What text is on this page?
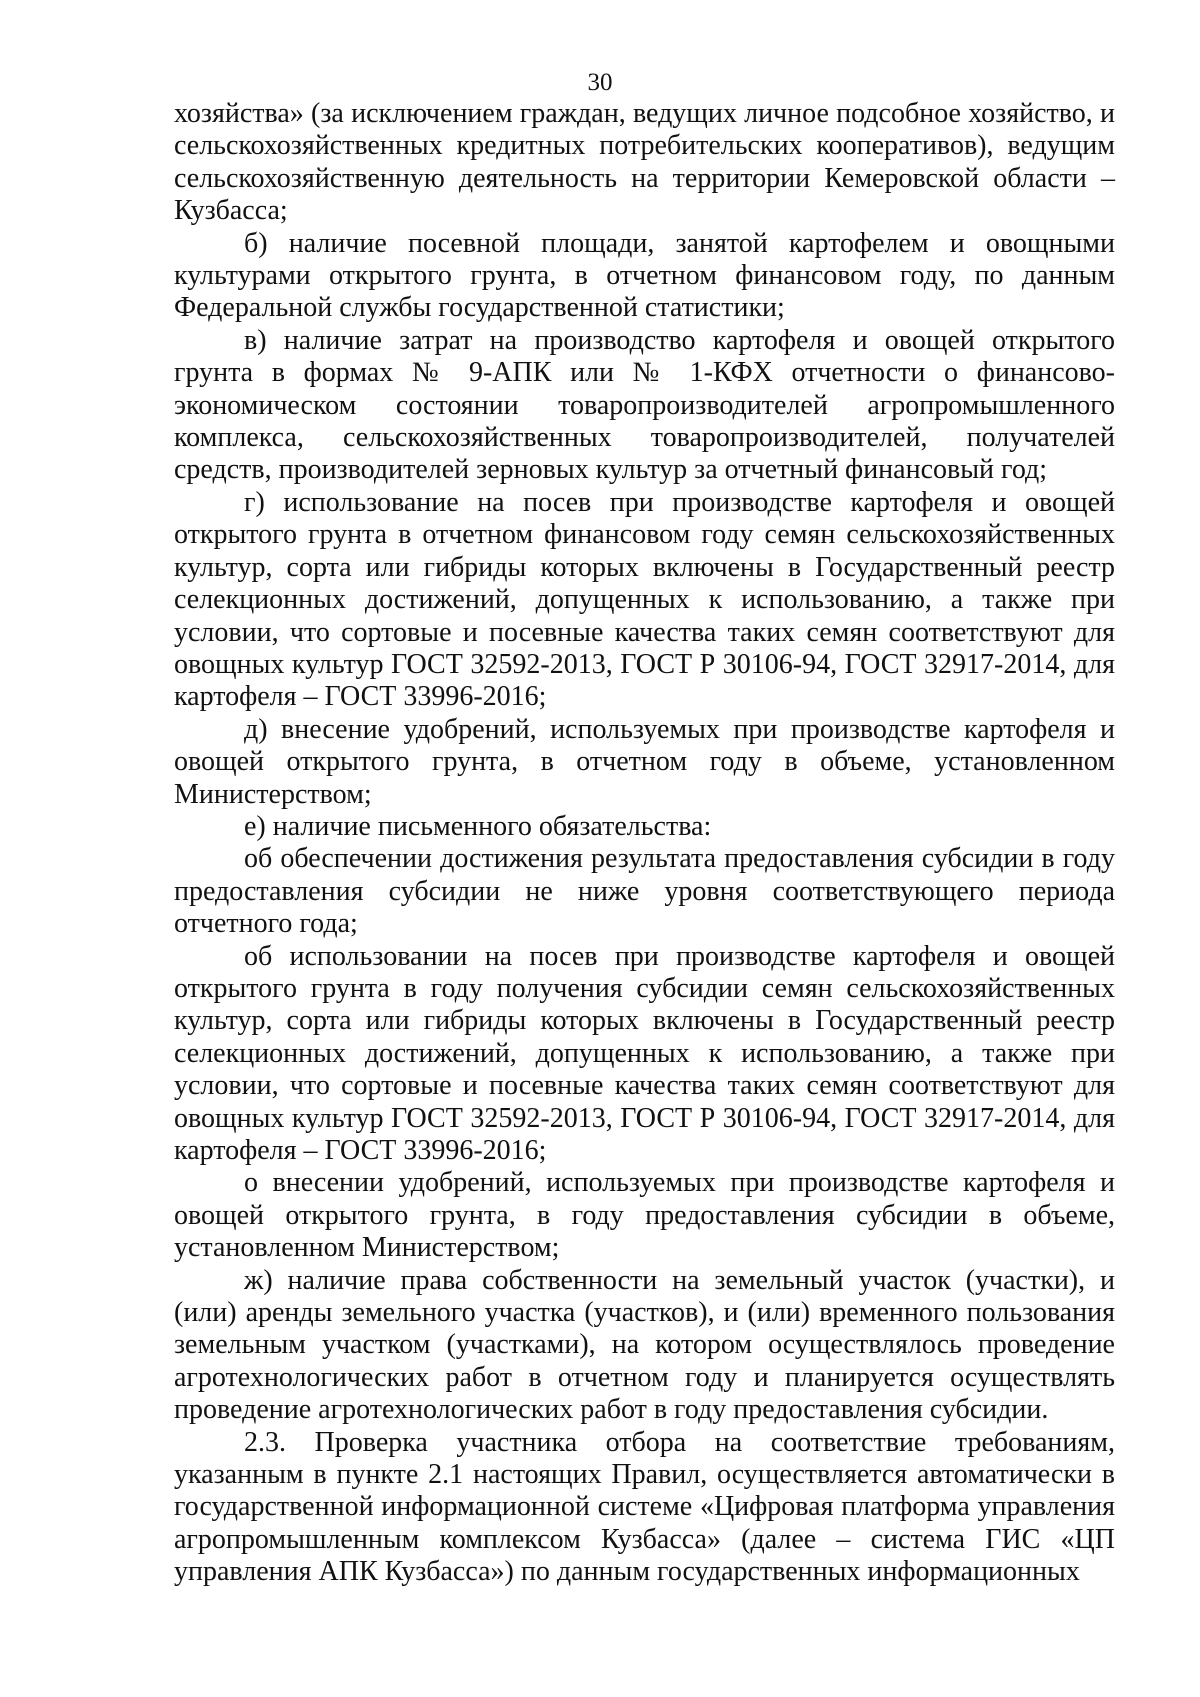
30

хозяйства» (за исключением граждан, ведущих личное подсобное хозяйство, и сельскохозяйственных кредитных потребительских кооперативов), ведущим сельскохозяйственную деятельность на территории Кемеровской области – Кузбасса;

б) наличие посевной площади, занятой картофелем и овощными культурами открытого грунта, в отчетном финансовом году, по данным Федеральной службы государственной статистики;

в) наличие затрат на производство картофеля и овощей открытого грунта в формах № 9-АПК или № 1-КФХ отчетности о финансово-экономическом состоянии товаропроизводителей агропромышленного комплекса, сельскохозяйственных товаропроизводителей, получателей средств, производителей зерновых культур за отчетный финансовый год;

г) использование на посев при производстве картофеля и овощей открытого грунта в отчетном финансовом году семян сельскохозяйственных культур, сорта или гибриды которых включены в Государственный реестр селекционных достижений, допущенных к использованию, а также при условии, что сортовые и посевные качества таких семян соответствуют для овощных культур ГОСТ 32592-2013, ГОСТ Р 30106-94, ГОСТ 32917-2014, для картофеля – ГОСТ 33996-2016;

д) внесение удобрений, используемых при производстве картофеля и овощей открытого грунта, в отчетном году в объеме, установленном Министерством;

е) наличие письменного обязательства:

об обеспечении достижения результата предоставления субсидии в году предоставления субсидии не ниже уровня соответствующего периода отчетного года;

об использовании на посев при производстве картофеля и овощей открытого грунта в году получения субсидии семян сельскохозяйственных культур, сорта или гибриды которых включены в Государственный реестр селекционных достижений, допущенных к использованию, а также при условии, что сортовые и посевные качества таких семян соответствуют для овощных культур ГОСТ 32592-2013, ГОСТ Р 30106-94, ГОСТ 32917-2014, для картофеля – ГОСТ 33996-2016;

о внесении удобрений, используемых при производстве картофеля и овощей открытого грунта, в году предоставления субсидии в объеме, установленном Министерством;

ж) наличие права собственности на земельный участок (участки), и (или) аренды земельного участка (участков), и (или) временного пользования земельным участком (участками), на котором осуществлялось проведение агротехнологических работ в отчетном году и планируется осуществлять проведение агротехнологических работ в году предоставления субсидии.

2.3. Проверка участника отбора на соответствие требованиям, указанным в пункте 2.1 настоящих Правил, осуществляется автоматически в государственной информационной системе «Цифровая платформа управления агропромышленным комплексом Кузбасса» (далее – система ГИС «ЦП управления АПК Кузбасса») по данным государственных информационных
